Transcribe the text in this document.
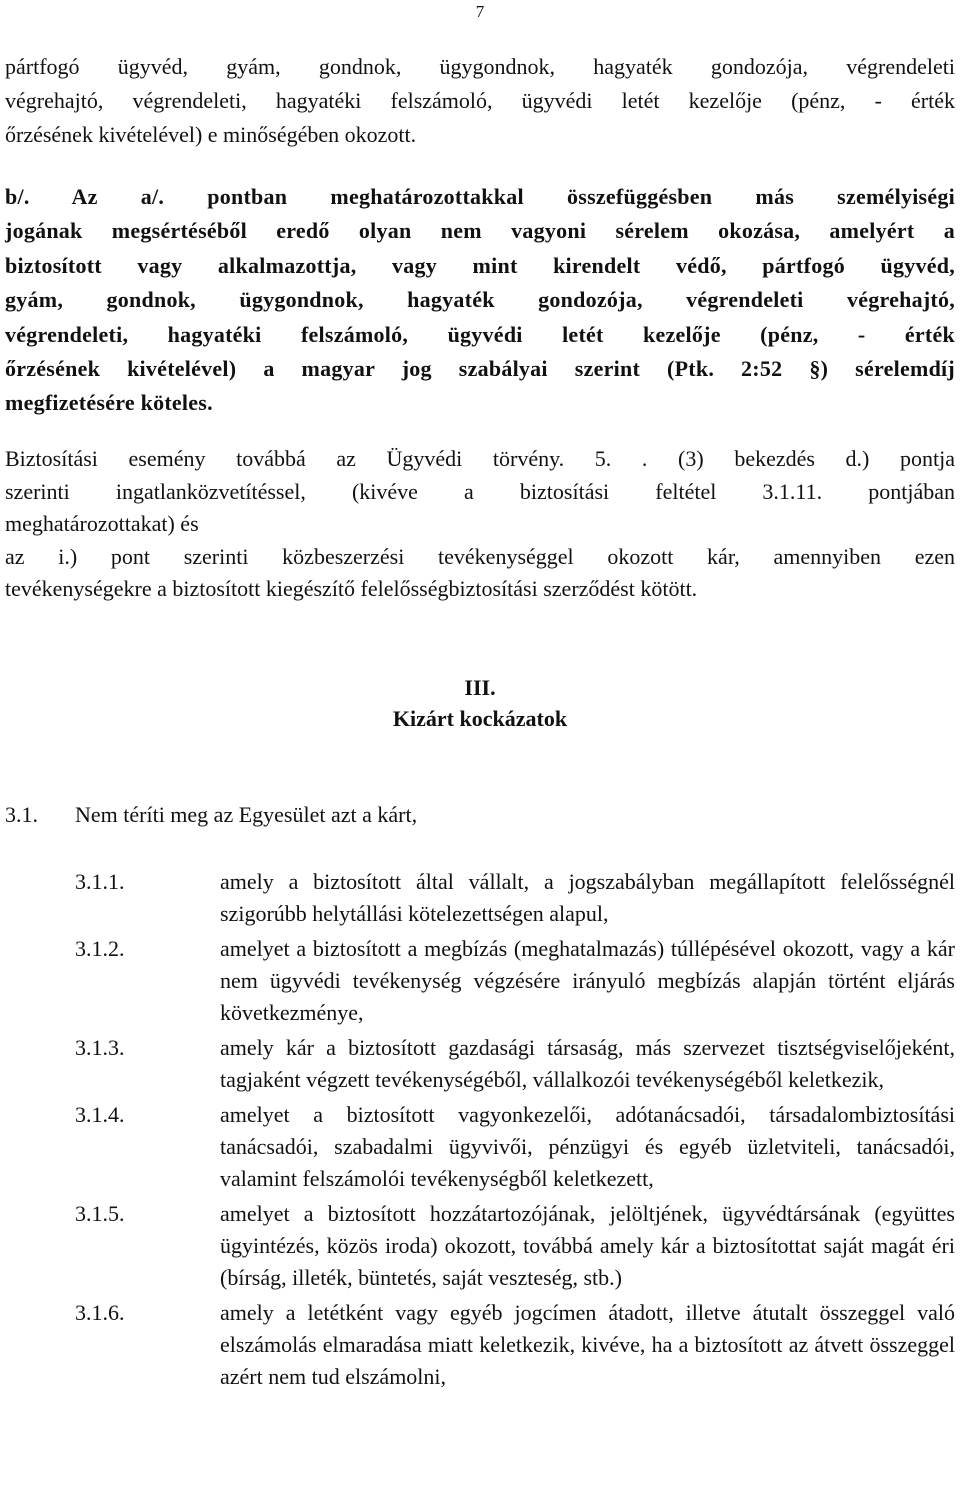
7
pártfogó ügyvéd, gyám, gondnok, ügygondnok, hagyaték gondozója, végrendeleti
végrehajtó, végrendeleti, hagyatéki felszámoló, ügyvédi letét kezelője (pénz, - érték
őrzésének kivételével) e minőségében okozott.
b/. Az a/. pontban meghatározottakkal összefüggésben más személyiségi
jogának megsértéséből eredő olyan nem vagyoni sérelem okozása, amelyért a
biztosított vagy alkalmazottja, vagy mint kirendelt védő, pártfogó ügyvéd,
gyám, gondnok, ügygondnok, hagyaték gondozója, végrendeleti végrehajtó,
végrendeleti, hagyatéki felszámoló, ügyvédi letét kezelője (pénz, - érték
őrzésének kivételével) a magyar jog szabályai szerint (Ptk. 2:52 §) sérelemdíj
megfizetésére köteles.
Biztosítási esemény továbbá az Ügyvédi törvény. 5. . (3) bekezdés d.) pontja
szerinti ingatlanközvetítéssel, (kivéve a biztosítási feltétel 3.1.11. pontjában
meghatározottakat) és
az i.) pont szerinti közbeszerzési tevékenységgel okozott kár, amennyiben ezen
tevékenységekre a biztosított kiegészítő felelősségbiztosítási szerződést kötött.
III.
Kizárt kockázatok
3.1. Nem téríti meg az Egyesület azt a kárt,
3.1.1.	amely a biztosított által vállalt, a jogszabályban megállapított felelősségnél szigorúbb helytállási kötelezettségen alapul,
3.1.2.	amelyet a biztosított a megbízás (meghatalmazás) túllépésével okozott, vagy a kár nem ügyvédi tevékenység végzésére irányuló megbízás alapján történt eljárás következménye,
3.1.3.	amely kár a biztosított gazdasági társaság, más szervezet tisztségviselőjeként, tagjaként végzett tevékenységéből, vállalkozói tevékenységéből keletkezik,
3.1.4.	amelyet a biztosított vagyonkezelői, adótanácsadói, társadalombiztosítási tanácsadói, szabadalmi ügyvivői, pénzügyi és egyéb üzletviteli, tanácsadói, valamint felszámolói tevékenységből keletkezett,
3.1.5.	amelyet a biztosított hozzátartozójának, jelöltjének, ügyvédtársának (együttes ügyintézés, közös iroda) okozott, továbbá amely kár a biztosítottat saját magát éri (bírság, illeték, büntetés, saját veszteség, stb.)
3.1.6.	amely a letétként vagy egyéb jogcímen átadott, illetve átutalt összeggel való elszámolás elmaradása miatt keletkezik, kivéve, ha a biztosított az átvett összeggel azért nem tud elszámolni,
